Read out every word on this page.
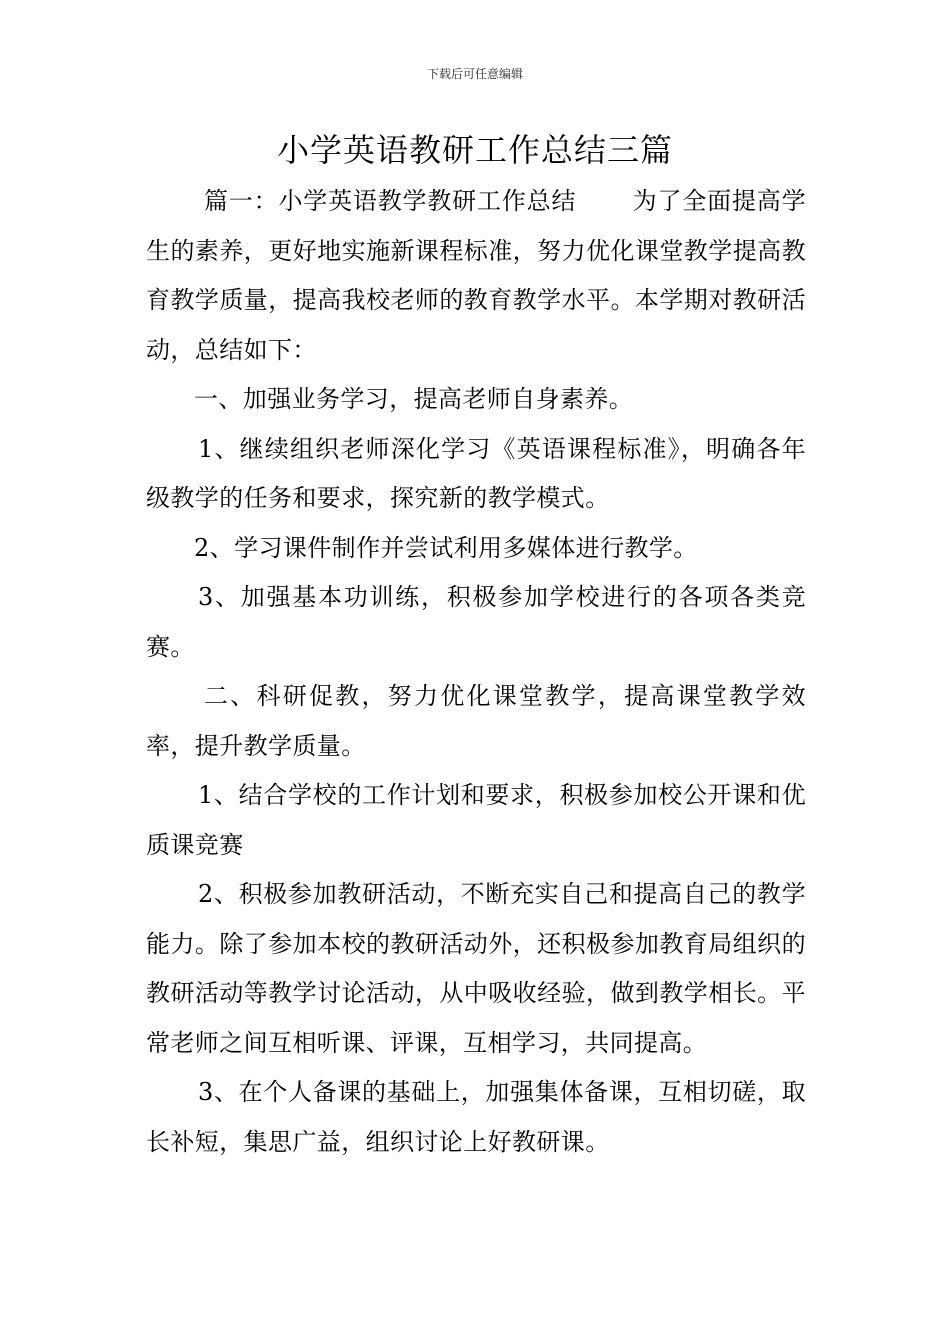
下载后可任意编辑
小学英语教研工作总结三篇

篇一：小学英语教学教研工作总结 为了全面提高学生的素养，更好地实施新课程标准，努力优化课堂教学提高教育教学质量，提高我校老师的教育教学水平。本学期对教研活动，总结如下：

一、加强业务学习，提高老师自身素养。

1、继续组织老师深化学习《英语课程标准》，明确各年级教学的任务和要求，探究新的教学模式。

2、学习课件制作并尝试利用多媒体进行教学。

3、加强基本功训练，积极参加学校进行的各项各类竞赛。

二、科研促教，努力优化课堂教学，提高课堂教学效率，提升教学质量。

1、结合学校的工作计划和要求，积极参加校公开课和优质课竞赛

2、积极参加教研活动，不断充实自己和提高自己的教学能力。除了参加本校的教研活动外，还积极参加教育局组织的教研活动等教学讨论活动，从中吸收经验，做到教学相长。平常老师之间互相听课、评课，互相学习，共同提高。

3、在个人备课的基础上，加强集体备课，互相切磋，取长补短，集思广益，组织讨论上好教研课。
